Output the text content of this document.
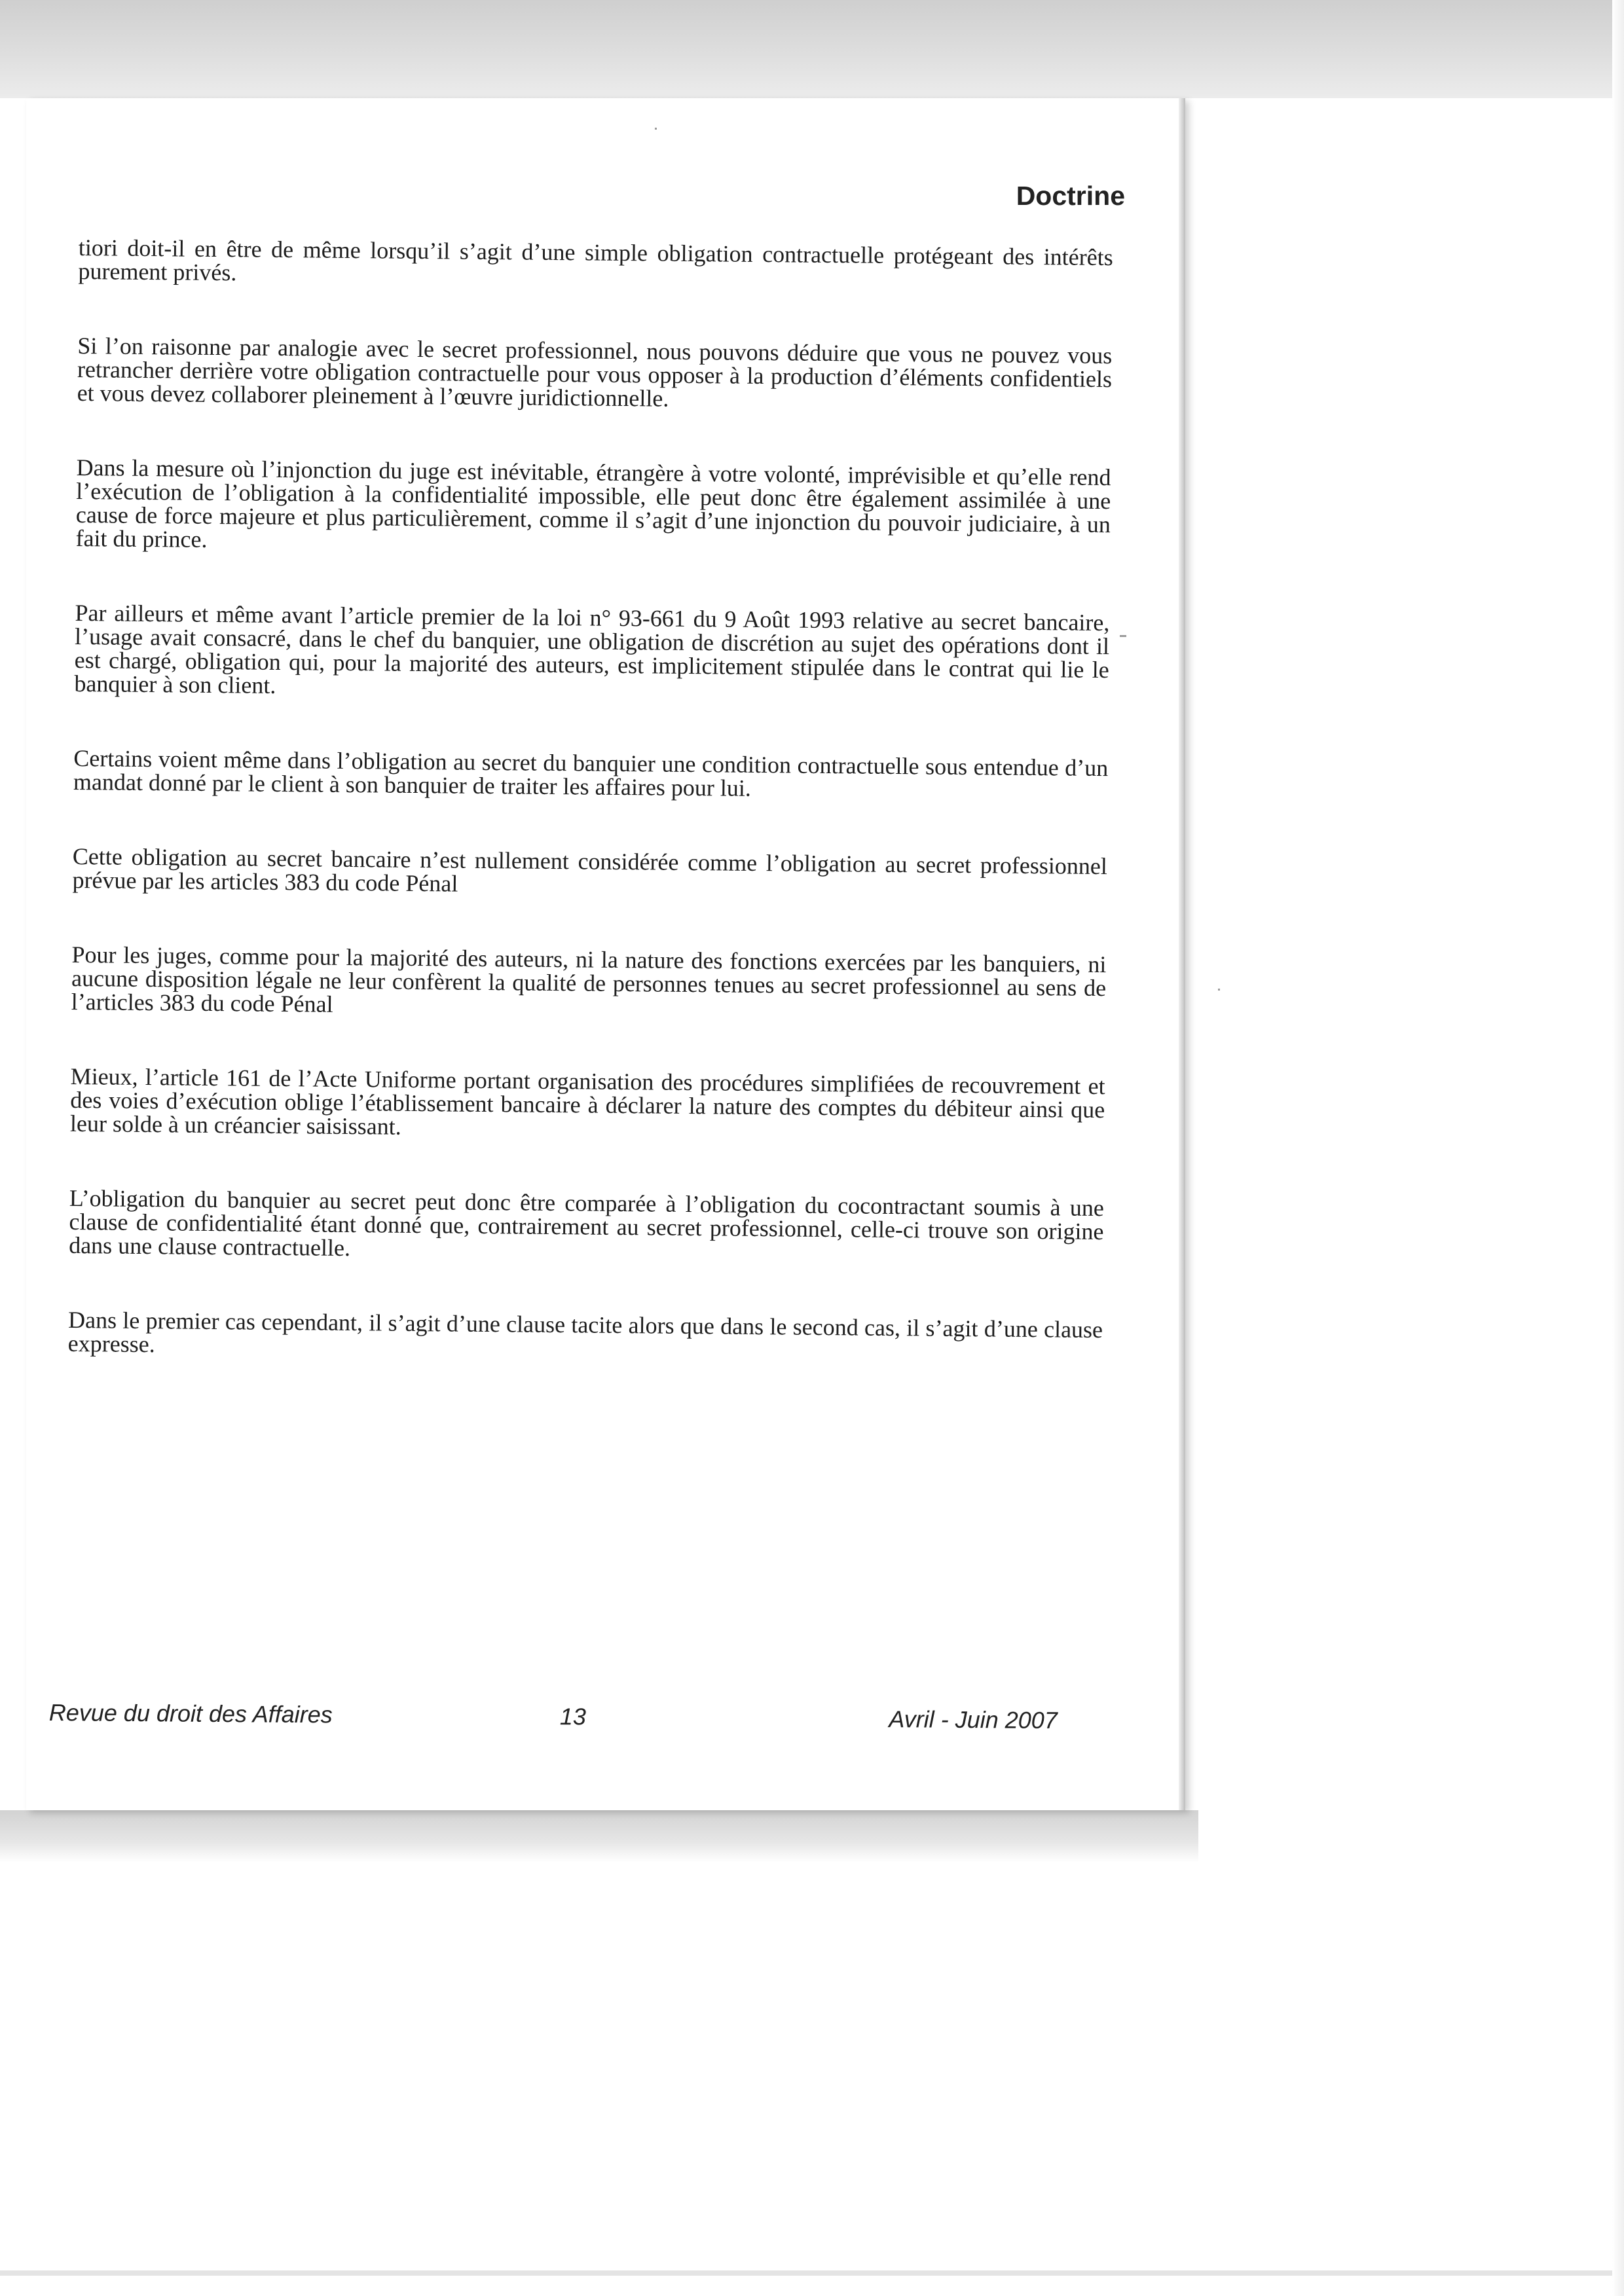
Doctrine

tiori doit-il en être de même lorsqu’il s’agit d’une simple obligation contractuelle protégeant des intérêts purement privés.

Si l’on raisonne par analogie avec le secret professionnel, nous pouvons déduire que vous ne pouvez vous retrancher derrière votre obligation contractuelle pour vous opposer à la production d’éléments confidentiels et vous devez collaborer pleinement à l’œuvre juridictionnelle.

Dans la mesure où l’injonction du juge est inévitable, étrangère à votre volonté, imprévisible et qu’elle rend l’exécution de l’obligation à la confidentialité impossible, elle peut donc être également assimilée à une cause de force majeure et plus particulièrement, comme il s’agit d’une injonction du pouvoir judiciaire, à un fait du prince.

Par ailleurs et même avant l’article premier de la loi n° 93-661 du 9 Août 1993 relative au secret bancaire, l’usage avait consacré, dans le chef du banquier, une obligation de discrétion au sujet des opérations dont il est chargé, obligation qui, pour la majorité des auteurs, est implicitement stipulée dans le contrat qui lie le banquier à son client.

Certains voient même dans l’obligation au secret du banquier une condition contractuelle sous entendue d’un mandat donné par le client à son banquier de traiter les affaires pour lui.

Cette obligation au secret bancaire n’est nullement considérée comme l’obligation au secret professionnel prévue par les articles 383 du code Pénal

Pour les juges, comme pour la majorité des auteurs, ni la nature des fonctions exercées par les banquiers, ni aucune disposition légale ne leur confèrent la qualité de personnes tenues au secret professionnel au sens de l’articles 383 du code Pénal

Mieux, l’article 161 de l’Acte Uniforme portant organisation des procédures simplifiées de recouvrement et des voies d’exécution oblige l’établissement bancaire à déclarer la nature des comptes du débiteur ainsi que leur solde à un créancier saisissant.

L’obligation du banquier au secret peut donc être comparée à l’obligation du cocontractant soumis à une clause de confidentialité étant donné que, contrairement au secret professionnel, celle-ci trouve son origine dans une clause contractuelle.

Dans le premier cas cependant, il s’agit d’une clause tacite alors que dans le second cas, il s’agit d’une clause expresse.

Revue du droit des Affaires	13	Avril - Juin 2007
